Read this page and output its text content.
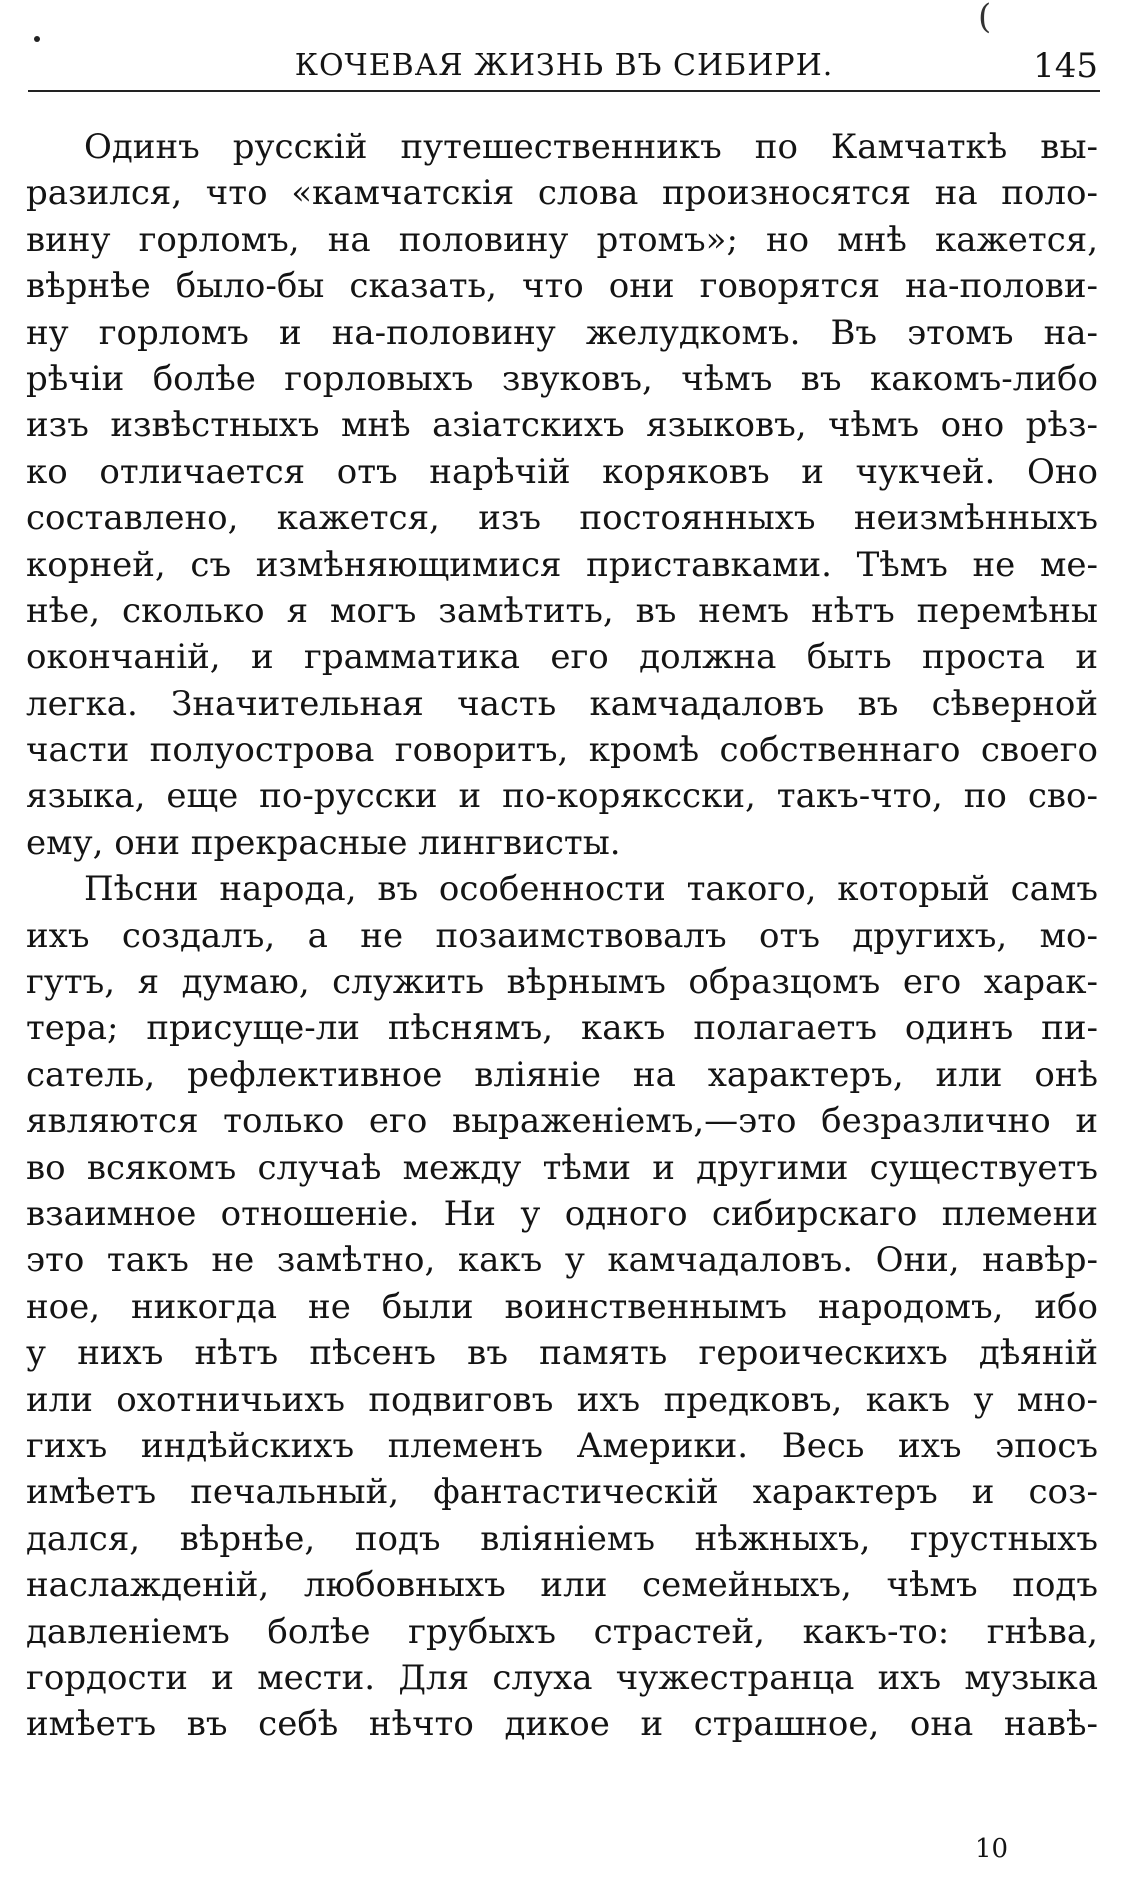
(
КОЧЕВАЯ ЖИЗНЬ ВЪ СИБИРИ.	145
Одинъ русскій путешественникъ по Камчаткѣ вы-
разился, что «камчатскія слова произносятся на поло-
вину горломъ, на половину ртомъ»; но мнѣ кажется,
вѣрнѣе было-бы сказать, что они говорятся на-полови-
ну горломъ и на-половину желудкомъ. Въ этомъ на-
рѣчіи болѣе горловыхъ звуковъ, чѣмъ въ какомъ-либо
изъ извѣстныхъ мнѣ азіатскихъ языковъ, чѣмъ оно рѣз-
ко отличается отъ нарѣчій коряковъ и чукчей. Оно
составлено, кажется, изъ постоянныхъ неизмѣнныхъ
корней, съ измѣняющимися приставками. Тѣмъ не ме-
нѣе, сколько я могъ замѣтить, въ немъ нѣтъ перемѣны
окончаній, и грамматика его должна быть проста и
легка. Значительная часть камчадаловъ въ сѣверной
части полуострова говоритъ, кромѣ собственнаго своего
языка, еще по-русски и по-коряксски, такъ-что, по сво-
ему, они прекрасные лингвисты.
Пѣсни народа, въ особенности такого, который самъ
ихъ создалъ, а не позаимствовалъ отъ другихъ, мо-
гутъ, я думаю, служить вѣрнымъ образцомъ его харак-
тера; присуще-ли пѣснямъ, какъ полагаетъ одинъ пи-
сатель, рефлективное вліяніе на характеръ, или онѣ
являются только его выраженіемъ,—это безразлично и
во всякомъ случаѣ между тѣми и другими существуетъ
взаимное отношеніе. Ни у одного сибирскаго племени
это такъ не замѣтно, какъ у камчадаловъ. Они, навѣр-
ное, никогда не были воинственнымъ народомъ, ибо
у нихъ нѣтъ пѣсенъ въ память героическихъ дѣяній
или охотничьихъ подвиговъ ихъ предковъ, какъ у мно-
гихъ индѣйскихъ племенъ Америки. Весь ихъ эпосъ
имѣетъ печальный, фантастическій характеръ и соз-
дался, вѣрнѣе, подъ вліяніемъ нѣжныхъ, грустныхъ
наслажденій, любовныхъ или семейныхъ, чѣмъ подъ
давленіемъ болѣе грубыхъ страстей, какъ-то: гнѣва,
гордости и мести. Для слуха чужестранца ихъ музыка
имѣетъ въ себѣ нѣчто дикое и страшное, она навѣ-
10
